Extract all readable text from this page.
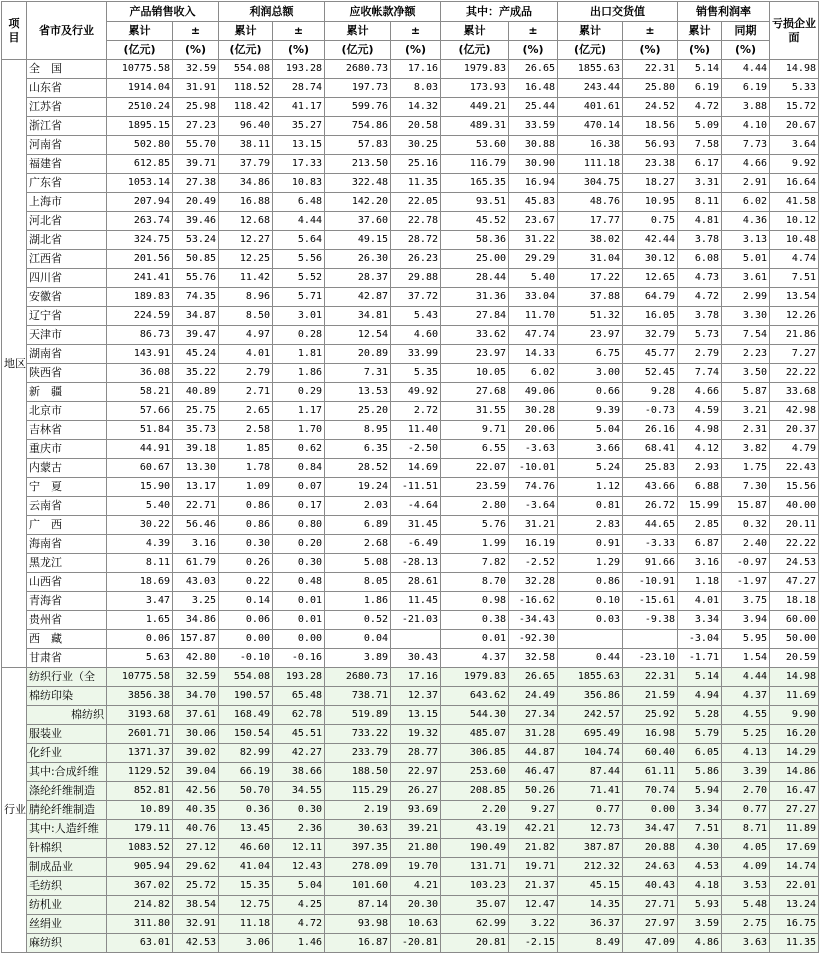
项目	省市及行业	产品销售收入		利润总额		应收帐款净额		其中：产成品		出口交货值		销售利润率		亏损企业面
		累计	±	累计	±	累计	±	累计	±	累计	±	累计	同期	
		(亿元)	(%)	(亿元)	(%)	(亿元)	(%)	(亿元)	(%)	(亿元)	(%)	(%)	(%)	
地区	全　国	10775.58	32.59	554.08	193.28	2680.73	17.16	1979.83	26.65	1855.63	22.31	5.14	4.44	14.98
	山东省	1914.04	31.91	118.52	28.74	197.73	8.03	173.93	16.48	243.44	25.80	6.19	6.19	5.33
	江苏省	2510.24	25.98	118.42	41.17	599.76	14.32	449.21	25.44	401.61	24.52	4.72	3.88	15.72
	浙江省	1895.15	27.23	96.40	35.27	754.86	20.58	489.31	33.59	470.14	18.56	5.09	4.10	20.67
	河南省	502.80	55.70	38.11	13.15	57.83	30.25	53.60	30.88	16.38	56.93	7.58	7.73	3.64
	福建省	612.85	39.71	37.79	17.33	213.50	25.16	116.79	30.90	111.18	23.38	6.17	4.66	9.92
	广东省	1053.14	27.38	34.86	10.83	322.48	11.35	165.35	16.94	304.75	18.27	3.31	2.91	16.64
	上海市	207.94	20.49	16.88	6.48	142.20	22.05	93.51	45.83	48.76	10.95	8.11	6.02	41.58
	河北省	263.74	39.46	12.68	4.44	37.60	22.78	45.52	23.67	17.77	0.75	4.81	4.36	10.12
	湖北省	324.75	53.24	12.27	5.64	49.15	28.72	58.36	31.22	38.02	42.44	3.78	3.13	10.48
	江西省	201.56	50.85	12.25	5.56	26.30	26.23	25.00	29.29	31.04	30.12	6.08	5.01	4.74
	四川省	241.41	55.76	11.42	5.52	28.37	29.88	28.44	5.40	17.22	12.65	4.73	3.61	7.51
	安徽省	189.83	74.35	8.96	5.71	42.87	37.72	31.36	33.04	37.88	64.79	4.72	2.99	13.54
	辽宁省	224.59	34.87	8.50	3.01	34.81	5.43	27.84	11.70	51.32	16.05	3.78	3.30	12.26
	天津市	86.73	39.47	4.97	0.28	12.54	4.60	33.62	47.74	23.97	32.79	5.73	7.54	21.86
	湖南省	143.91	45.24	4.01	1.81	20.89	33.99	23.97	14.33	6.75	45.77	2.79	2.23	7.27
	陕西省	36.08	35.22	2.79	1.86	7.31	5.35	10.05	6.02	3.00	52.45	7.74	3.50	22.22
	新　疆	58.21	40.89	2.71	0.29	13.53	49.92	27.68	49.06	0.66	9.28	4.66	5.87	33.68
	北京市	57.66	25.75	2.65	1.17	25.20	2.72	31.55	30.28	9.39	-0.73	4.59	3.21	42.98
	吉林省	51.84	35.73	2.58	1.70	8.95	11.40	9.71	20.06	5.04	26.16	4.98	2.31	20.37
	重庆市	44.91	39.18	1.85	0.62	6.35	-2.50	6.55	-3.63	3.66	68.41	4.12	3.82	4.79
	内蒙古	60.67	13.30	1.78	0.84	28.52	14.69	22.07	-10.01	5.24	25.83	2.93	1.75	22.43
	宁　夏	15.90	13.17	1.09	0.07	19.24	-11.51	23.59	74.76	1.12	43.66	6.88	7.30	15.56
	云南省	5.40	22.71	0.86	0.17	2.03	-4.64	2.80	-3.64	0.81	26.72	15.99	15.87	40.00
	广　西	30.22	56.46	0.86	0.80	6.89	31.45	5.76	31.21	2.83	44.65	2.85	0.32	20.11
	海南省	4.39	3.16	0.30	0.20	2.68	-6.49	1.99	16.19	0.91	-3.33	6.87	2.40	22.22
	黑龙江	8.11	61.79	0.26	0.30	5.08	-28.13	7.82	-2.52	1.29	91.66	3.16	-0.97	24.53
	山西省	18.69	43.03	0.22	0.48	8.05	28.61	8.70	32.28	0.86	-10.91	1.18	-1.97	47.27
	青海省	3.47	3.25	0.14	0.01	1.86	11.45	0.98	-16.62	0.10	-15.61	4.01	3.75	18.18
	贵州省	1.65	34.86	0.06	0.01	0.52	-21.03	0.38	-34.43	0.03	-9.38	3.34	3.94	60.00
	西　藏	0.06	157.87	0.00	0.00	0.04		0.01	-92.30			-3.04	5.95	50.00
	甘肃省	5.63	42.80	-0.10	-0.16	3.89	30.43	4.37	32.58	0.44	-23.10	-1.71	1.54	20.59
行业	纺织行业（全	10775.58	32.59	554.08	193.28	2680.73	17.16	1979.83	26.65	1855.63	22.31	5.14	4.44	14.98
	棉纺印染	3856.38	34.70	190.57	65.48	738.71	12.37	643.62	24.49	356.86	21.59	4.94	4.37	11.69
	棉纺织	3193.68	37.61	168.49	62.78	519.89	13.15	544.30	27.34	242.57	25.92	5.28	4.55	9.90
	服装业	2601.71	30.06	150.54	45.51	733.22	19.32	485.07	31.28	695.49	16.98	5.79	5.25	16.20
	化纤业	1371.37	39.02	82.99	42.27	233.79	28.77	306.85	44.87	104.74	60.40	6.05	4.13	14.29
	其中:合成纤维	1129.52	39.04	66.19	38.66	188.50	22.97	253.60	46.47	87.44	61.11	5.86	3.39	14.86
	涤纶纤维制造	852.81	42.56	50.70	34.55	115.29	26.27	208.85	50.26	71.41	70.74	5.94	2.70	16.47
	腈纶纤维制造	10.89	40.35	0.36	0.30	2.19	93.69	2.20	9.27	0.77	0.00	3.34	0.77	27.27
	其中:人造纤维	179.11	40.76	13.45	2.36	30.63	39.21	43.19	42.21	12.73	34.47	7.51	8.71	11.89
	针棉织	1083.52	27.12	46.60	12.11	397.35	21.80	190.49	21.82	387.87	20.88	4.30	4.05	17.69
	制成品业	905.94	29.62	41.04	12.43	278.09	19.70	131.71	19.71	212.32	24.63	4.53	4.09	14.74
	毛纺织	367.02	25.72	15.35	5.04	101.60	4.21	103.23	21.37	45.15	40.43	4.18	3.53	22.01
	纺机业	214.82	38.54	12.75	4.25	87.14	20.30	35.07	12.47	14.35	27.71	5.93	5.48	13.24
	丝绢业	311.80	32.91	11.18	4.72	93.98	10.63	62.99	3.22	36.37	27.97	3.59	2.75	16.75
	麻纺织	63.01	42.53	3.06	1.46	16.87	-20.81	20.81	-2.15	8.49	47.09	4.86	3.63	11.35
